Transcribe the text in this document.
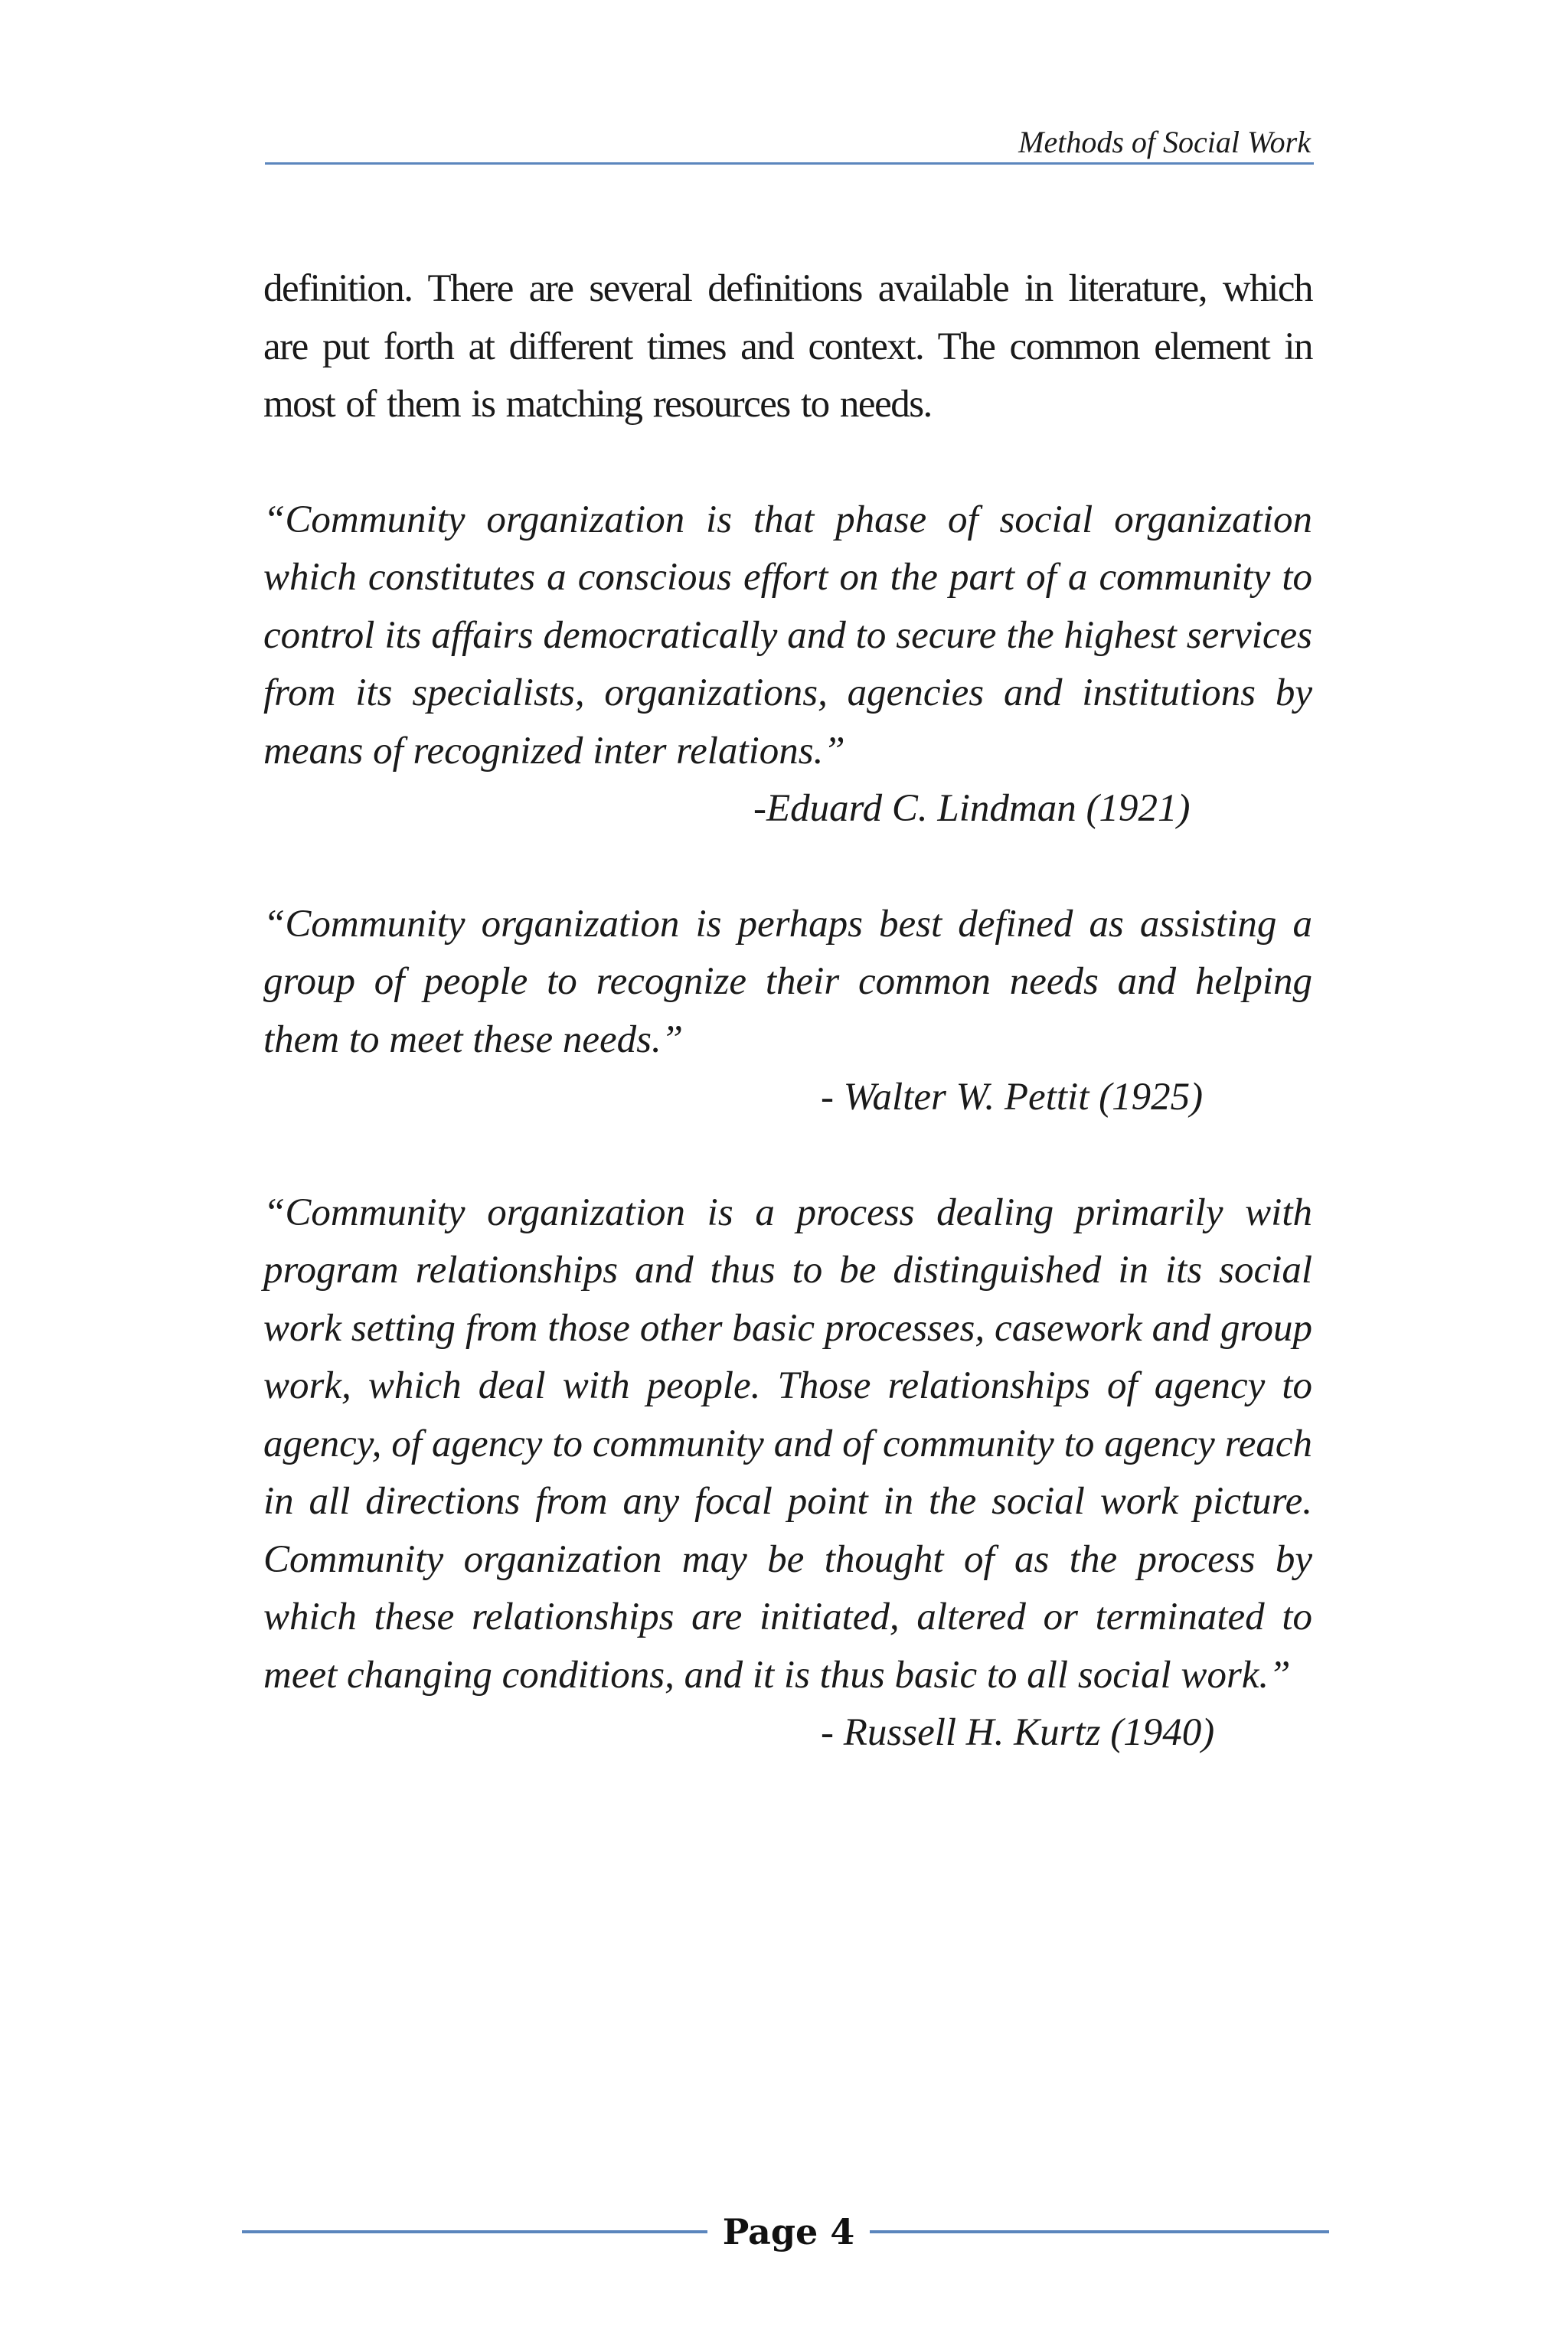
Methods of Social Work

definition. There are several definitions available in literature, which are put forth at different times and context. The common element in most of them is matching resources to needs.

“Community organization is that phase of social organization which constitutes a conscious effort on the part of a community to control its affairs democratically and to secure the highest services from its specialists, organizations, agencies and institutions by means of recognized inter relations.”

-Eduard C. Lindman (1921)

“Community organization is perhaps best defined as assisting a group of people to recognize their common needs and helping them to meet these needs.”

- Walter W. Pettit (1925)

“Community organization is a process dealing primarily with program relationships and thus to be distinguished in its social work setting from those other basic processes, casework and group work, which deal with people. Those relationships of agency to agency, of agency to community and of community to agency reach in all directions from any focal point in the social work picture. Community organization may be thought of as the process by which these relationships are initiated, altered or terminated to meet changing conditions, and it is thus basic to all social work.”

- Russell H. Kurtz (1940)

Page 4
